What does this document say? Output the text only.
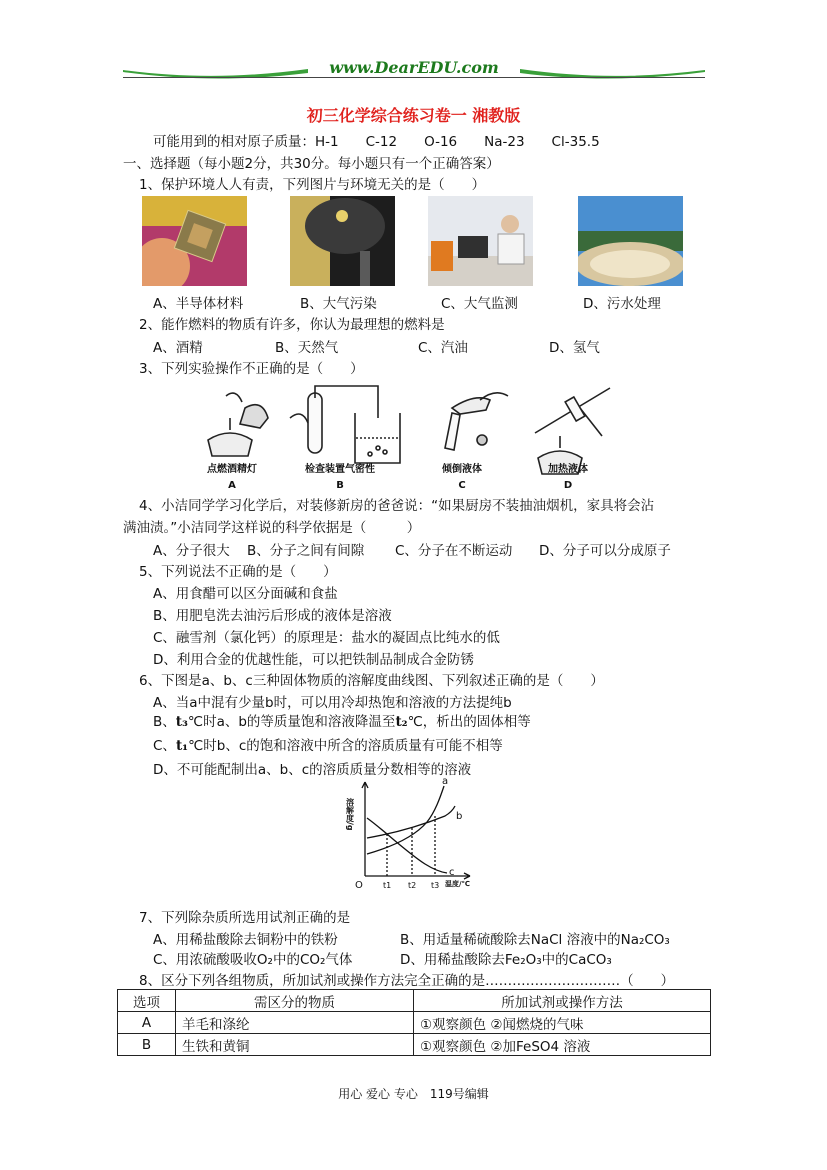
www.DearEDU.com
初三化学综合练习卷一 湘教版
可能用到的相对原子质量：H-1　　C-12　　O-16　　Na-23　　Cl-35.5
一、选择题（每小题2分，共30分。每小题只有一个正确答案）
1、保护环境人人有责，下列图片与环境无关的是（　　）
A、半导体材料	B、大气污染	C、大气监测	D、污水处理
2、能作燃料的物质有许多，你认为最理想的燃料是
A、酒精	B、天然气	C、汽油	D、氢气
3、下列实验操作不正确的是（　　）
点燃酒精灯
A
检查装置气密性
B
倾倒液体
C
加热液体
D
4、小洁同学学习化学后，对装修新房的爸爸说：“如果厨房不装抽油烟机，家具将会沾
满油渍。”小洁同学这样说的科学依据是（　　　）
A、分子很大 B、分子之间有间隙 C、分子在不断运动 D、分子可以分成原子
5、下列说法不正确的是（　　）
A、用食醋可以区分面碱和食盐
B、用肥皂洗去油污后形成的液体是溶液
C、融雪剂（氯化钙）的原理是：盐水的凝固点比纯水的低
D、利用合金的优越性能，可以把铁制品制成合金防锈
6、下图是a、b、c三种固体物质的溶解度曲线图、下列叙述正确的是（　　）
A、当a中混有少量b时，可以用冷却热饱和溶液的方法提纯b
B、t₃℃时a、b的等质量饱和溶液降温至t₂℃，析出的固体相等
C、t₁℃时b、c的饱和溶液中所含的溶质质量有可能不相等
D、不可能配制出a、b、c的溶质质量分数相等的溶液
溶解度/g
O	t1 t2 t3 温度/℃
a
b
c
7、下列除杂质所选用试剂正确的是
A、用稀盐酸除去铜粉中的铁粉	B、用适量稀硫酸除去NaCl 溶液中的Na₂CO₃
C、用浓硫酸吸收O₂中的CO₂气体	D、用稀盐酸除去Fe₂O₃中的CaCO₃
8、区分下列各组物质，所加试剂或操作方法完全正确的是…………………………（　　）
选项	需区分的物质	所加试剂或操作方法
A	羊毛和涤纶	①观察颜色 ②闻燃烧的气味
B	生铁和黄铜	①观察颜色 ②加FeSO4 溶液
用心 爱心 专心　119号编辑
